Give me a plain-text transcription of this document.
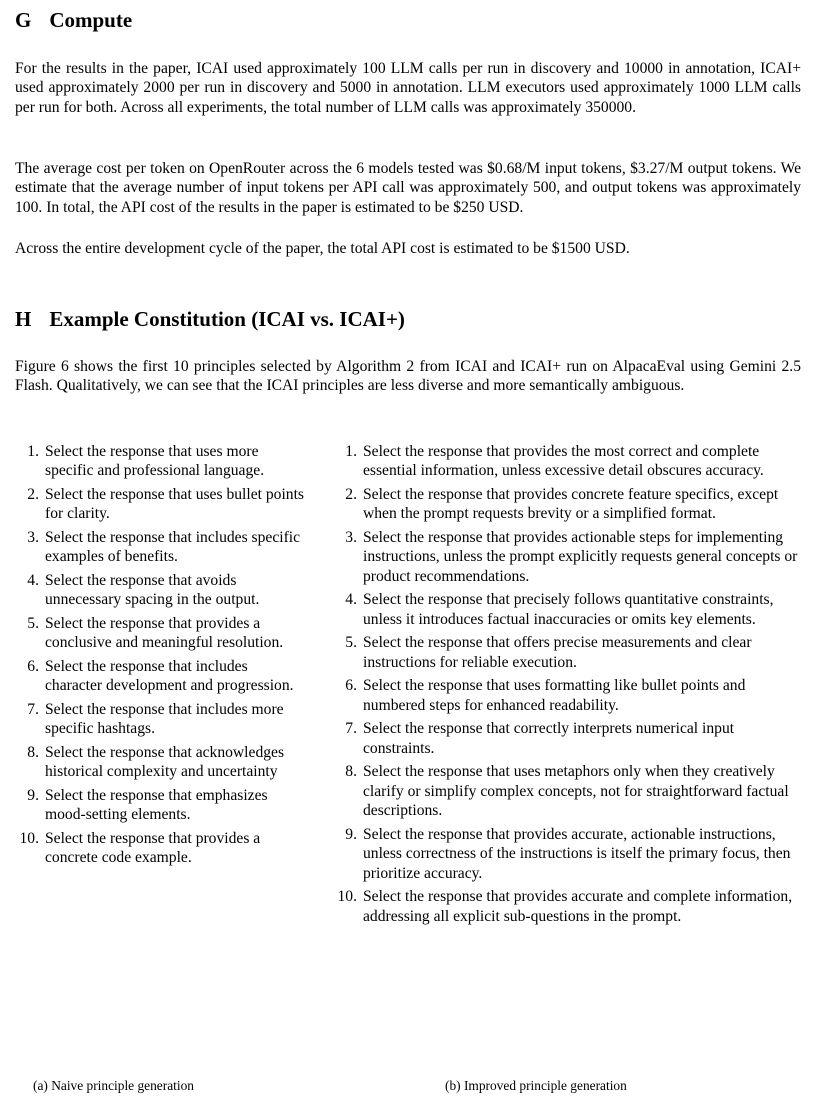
G Compute

For the results in the paper, ICAI used approximately 100 LLM calls per run in discovery and 10000 in annotation, ICAI+ used approximately 2000 per run in discovery and 5000 in annotation. LLM executors used approximately 1000 LLM calls per run for both. Across all experiments, the total number of LLM calls was approximately 350000.

The average cost per token on OpenRouter across the 6 models tested was $0.68/M input tokens, $3.27/M output tokens. We estimate that the average number of input tokens per API call was approximately 500, and output tokens was approximately 100. In total, the API cost of the results in the paper is estimated to be $250 USD.

Across the entire development cycle of the paper, the total API cost is estimated to be $1500 USD.

H Example Constitution (ICAI vs. ICAI+)

Figure 6 shows the first 10 principles selected by Algorithm 2 from ICAI and ICAI+ run on AlpacaEval using Gemini 2.5 Flash. Qualitatively, we can see that the ICAI principles are less diverse and more semantically ambiguous.

1. Select the response that uses more specific and professional language.
2. Select the response that uses bullet points for clarity.
3. Select the response that includes specific examples of benefits.
4. Select the response that avoids unnecessary spacing in the output.
5. Select the response that provides a conclusive and meaningful resolution.
6. Select the response that includes character development and progression.
7. Select the response that includes more specific hashtags.
8. Select the response that acknowledges historical complexity and uncertainty
9. Select the response that emphasizes mood-setting elements.
10. Select the response that provides a concrete code example.
1. Select the response that provides the most correct and complete essential information, unless excessive detail obscures accuracy.
2. Select the response that provides concrete feature specifics, except when the prompt requests brevity or a simplified format.
3. Select the response that provides actionable steps for implementing instructions, unless the prompt explicitly requests general concepts or product recommendations.
4. Select the response that precisely follows quantitative constraints, unless it introduces factual inaccuracies or omits key elements.
5. Select the response that offers precise measurements and clear instructions for reliable execution.
6. Select the response that uses formatting like bullet points and numbered steps for enhanced readability.
7. Select the response that correctly interprets numerical input constraints.
8. Select the response that uses metaphors only when they creatively clarify or simplify complex concepts, not for straightforward factual descriptions.
9. Select the response that provides accurate, actionable instructions, unless correctness of the instructions is itself the primary focus, then prioritize accuracy.
10. Select the response that provides accurate and complete information, addressing all explicit sub-questions in the prompt.
(a) Naive principle generation	(b) Improved principle generation
